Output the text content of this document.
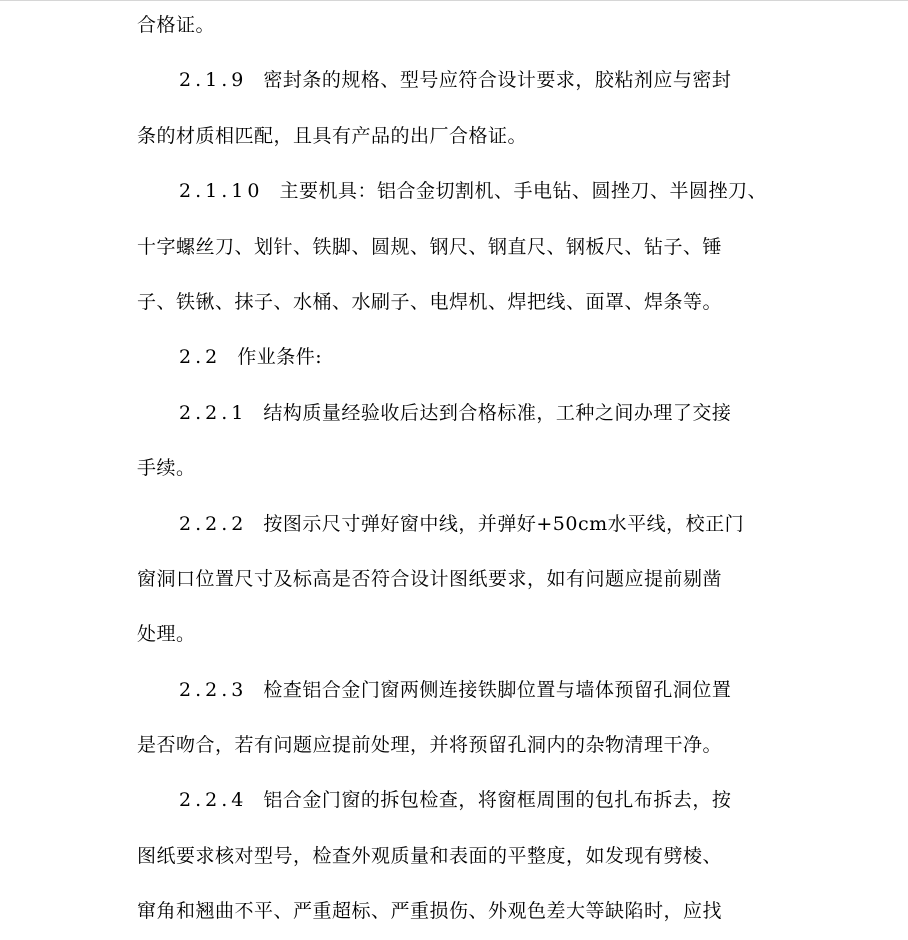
合格证。
2.1.9 密封条的规格、型号应符合设计要求，胶粘剂应与密封
条的材质相匹配，且具有产品的出厂合格证。
2.1.10 主要机具：铝合金切割机、手电钻、圆挫刀、半圆挫刀、
十字螺丝刀、划针、铁脚、圆规、钢尺、钢直尺、钢板尺、钻子、锤
子、铁锹、抹子、水桶、水刷子、电焊机、焊把线、面罩、焊条等。
2.2 作业条件:
2.2.1 结构质量经验收后达到合格标准，工种之间办理了交接
手续。
2.2.2 按图示尺寸弹好窗中线，并弹好+50cm水平线，校正门
窗洞口位置尺寸及标高是否符合设计图纸要求，如有问题应提前剔凿
处理。
2.2.3 检查铝合金门窗两侧连接铁脚位置与墙体预留孔洞位置
是否吻合，若有问题应提前处理，并将预留孔洞内的杂物清理干净。
2.2.4 铝合金门窗的拆包检查，将窗框周围的包扎布拆去，按
图纸要求核对型号，检查外观质量和表面的平整度，如发现有劈棱、
窜角和翘曲不平、严重超标、严重损伤、外观色差大等缺陷时，应找
